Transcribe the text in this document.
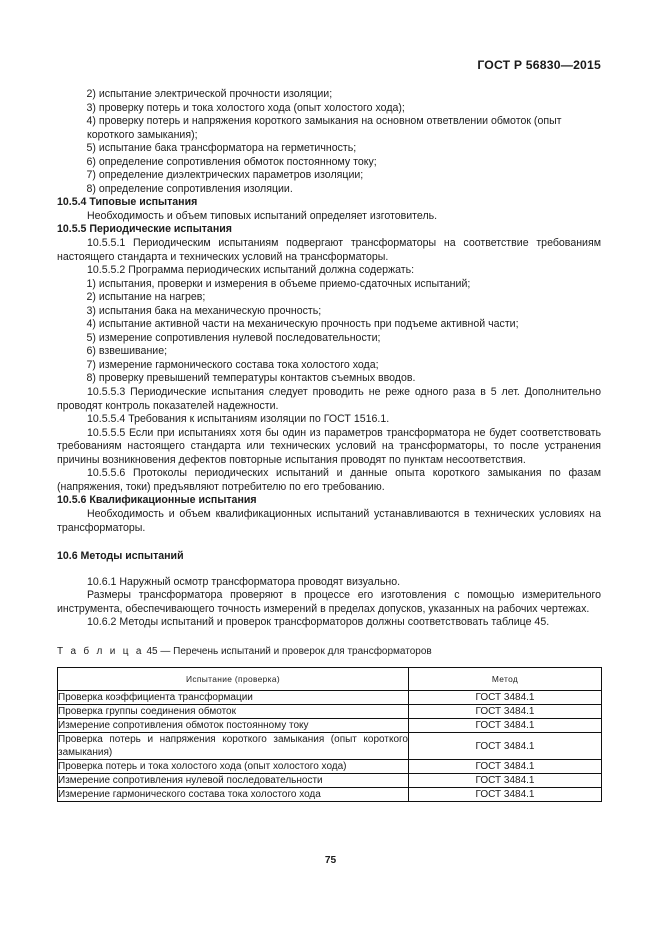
ГОСТ Р 56830—2015

2) испытание электрической прочности изоляции;

3) проверку потерь и тока холостого хода (опыт холостого хода);

4) проверку потерь и напряжения короткого замыкания на основном ответвлении обмоток (опыт короткого замыкания);

5) испытание бака трансформатора на герметичность;

6) определение сопротивления обмоток постоянному току;

7) определение диэлектрических параметров изоляции;

8) определение сопротивления изоляции.

10.5.4 Типовые испытания

Необходимость и объем типовых испытаний определяет изготовитель.

10.5.5 Периодические испытания

10.5.5.1 Периодическим испытаниям подвергают трансформаторы на соответствие требованиям настоящего стандарта и технических условий на трансформаторы.

10.5.5.2 Программа периодических испытаний должна содержать:

1) испытания, проверки и измерения в объеме приемо-сдаточных испытаний;

2) испытание на нагрев;

3) испытания бака на механическую прочность;

4) испытание активной части на механическую прочность при подъеме активной части;

5) измерение сопротивления нулевой последовательности;

6) взвешивание;

7) измерение гармонического состава тока холостого хода;

8) проверку превышений температуры контактов съемных вводов.

10.5.5.3 Периодические испытания следует проводить не реже одного раза в 5 лет. Дополнительно проводят контроль показателей надежности.

10.5.5.4 Требования к испытаниям изоляции по ГОСТ 1516.1.

10.5.5.5 Если при испытаниях хотя бы один из параметров трансформатора не будет соответствовать требованиям настоящего стандарта или технических условий на трансформаторы, то после устранения причины возникновения дефектов повторные испытания проводят по пунктам несоответствия.

10.5.5.6 Протоколы периодических испытаний и данные опыта короткого замыкания по фазам (напряжения, токи) предъявляют потребителю по его требованию.

10.5.6 Квалификационные испытания

Необходимость и объем квалификационных испытаний устанавливаются в технических условиях на трансформаторы.

10.6 Методы испытаний

10.6.1 Наружный осмотр трансформатора проводят визуально.

Размеры трансформатора проверяют в процессе его изготовления с помощью измерительного инструмента, обеспечивающего точность измерений в пределах допусков, указанных на рабочих чертежах.

10.6.2 Методы испытаний и проверок трансформаторов должны соответствовать таблице 45.

Т а б л и ц а 45 — Перечень испытаний и проверок для трансформаторов

Испытание (проверка)	Метод
Проверка коэффициента трансформации	ГОСТ 3484.1
Проверка группы соединения обмоток	ГОСТ 3484.1
Измерение сопротивления обмоток постоянному току	ГОСТ 3484.1
Проверка потерь и напряжения короткого замыкания (опыт короткого замыкания)	ГОСТ 3484.1
Проверка потерь и тока холостого хода (опыт холостого хода)	ГОСТ 3484.1
Измерение сопротивления нулевой последовательности	ГОСТ 3484.1
Измерение гармонического состава тока холостого хода	ГОСТ 3484.1
75
